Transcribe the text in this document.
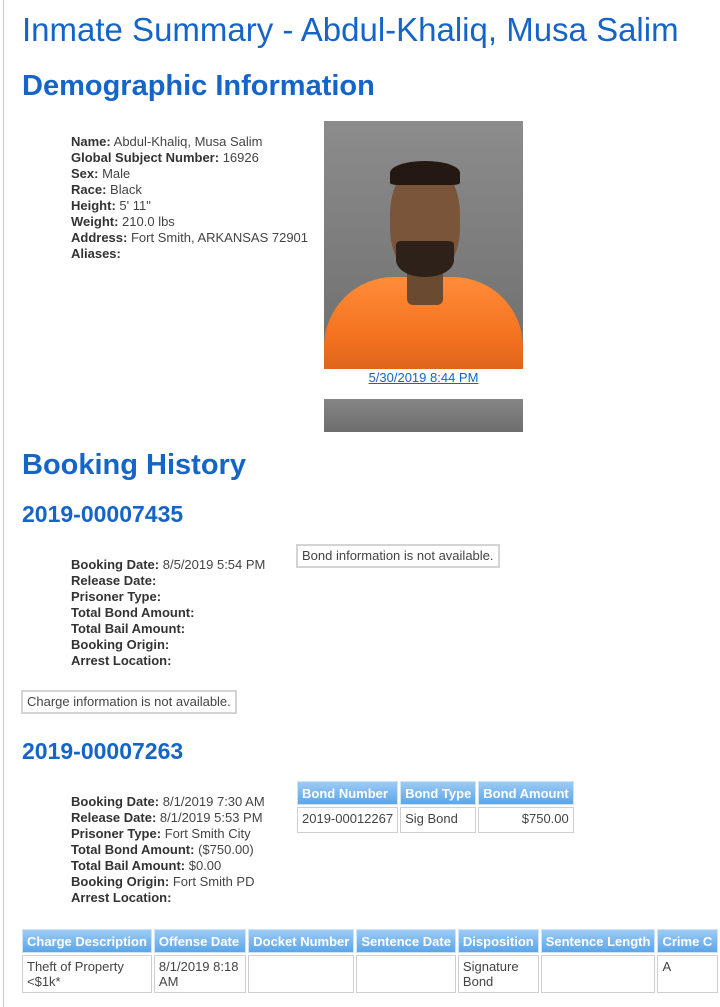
Inmate Summary - Abdul-Khaliq, Musa Salim
Demographic Information
Name: Abdul-Khaliq, Musa Salim
Global Subject Number: 16926
Sex: Male
Race: Black
Height: 5' 11"
Weight: 210.0 lbs
Address: Fort Smith, ARKANSAS 72901
Aliases:
5/30/2019 8:44 PM
Booking History
2019-00007435
Booking Date: 8/5/2019 5:54 PM
Release Date:
Prisoner Type:
Total Bond Amount:
Total Bail Amount:
Booking Origin:
Arrest Location:
Bond information is not available.
Charge information is not available.
2019-00007263
Booking Date: 8/1/2019 7:30 AM
Release Date: 8/1/2019 5:53 PM
Prisoner Type: Fort Smith City
Total Bond Amount: ($750.00)
Total Bail Amount: $0.00
Booking Origin: Fort Smith PD
Arrest Location:
Bond Number	Bond Type	Bond Amount
2019-00012267	Sig Bond	$750.00
Charge Description	Offense Date	Docket Number	Sentence Date	Disposition	Sentence Length	Crime C
Theft of Property <$1k*	8/1/2019 8:18 AM			Signature Bond		A
